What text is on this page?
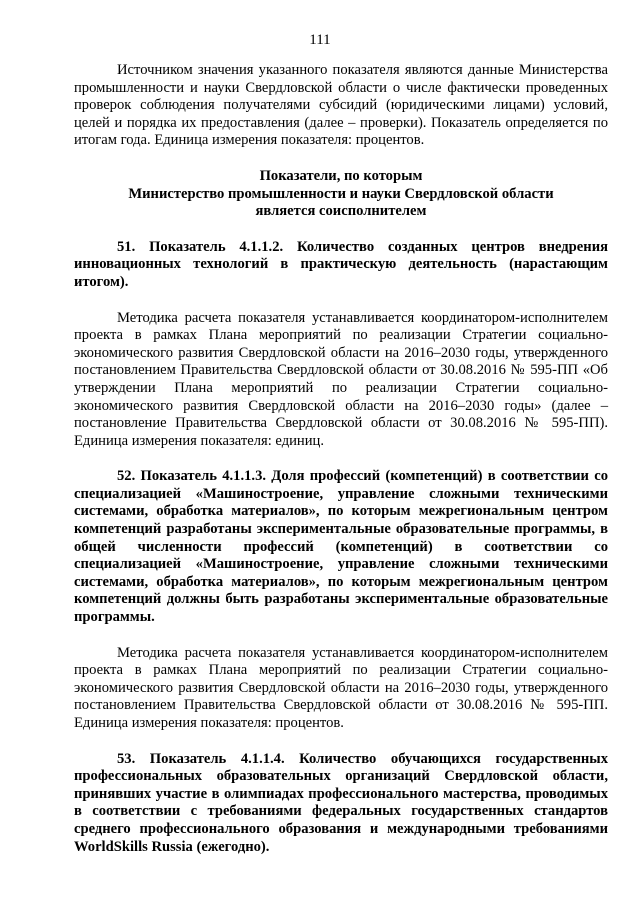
111

Источником значения указанного показателя являются данные Министерства промышленности и науки Свердловской области о числе фактически проведенных проверок соблюдения получателями субсидий (юридическими лицами) условий, целей и порядка их предоставления (далее – проверки). Показатель определяется по итогам года. Единица измерения показателя: процентов.

Показатели, по которым
Министерство промышленности и науки Свердловской области
является соисполнителем

51. Показатель 4.1.1.2. Количество созданных центров внедрения инновационных технологий в практическую деятельность (нарастающим итогом).

Методика расчета показателя устанавливается координатором-исполнителем проекта в рамках Плана мероприятий по реализации Стратегии социально-экономического развития Свердловской области на 2016–2030 годы, утвержденного постановлением Правительства Свердловской области от 30.08.2016 № 595-ПП «Об утверждении Плана мероприятий по реализации Стратегии социально-экономического развития Свердловской области на 2016–2030 годы» (далее – постановление Правительства Свердловской области от 30.08.2016 № 595-ПП). Единица измерения показателя: единиц.

52. Показатель 4.1.1.3. Доля профессий (компетенций) в соответствии со специализацией «Машиностроение, управление сложными техническими системами, обработка материалов», по которым межрегиональным центром компетенций разработаны экспериментальные образовательные программы, в общей численности профессий (компетенций) в соответствии со специализацией «Машиностроение, управление сложными техническими системами, обработка материалов», по которым межрегиональным центром компетенций должны быть разработаны экспериментальные образовательные программы.

Методика расчета показателя устанавливается координатором-исполнителем проекта в рамках Плана мероприятий по реализации Стратегии социально-экономического развития Свердловской области на 2016–2030 годы, утвержденного постановлением Правительства Свердловской области от 30.08.2016 № 595-ПП. Единица измерения показателя: процентов.

53. Показатель 4.1.1.4. Количество обучающихся государственных профессиональных образовательных организаций Свердловской области, принявших участие в олимпиадах профессионального мастерства, проводимых в соответствии с требованиями федеральных государственных стандартов среднего профессионального образования и международными требованиями WorldSkills Russia (ежегодно).
